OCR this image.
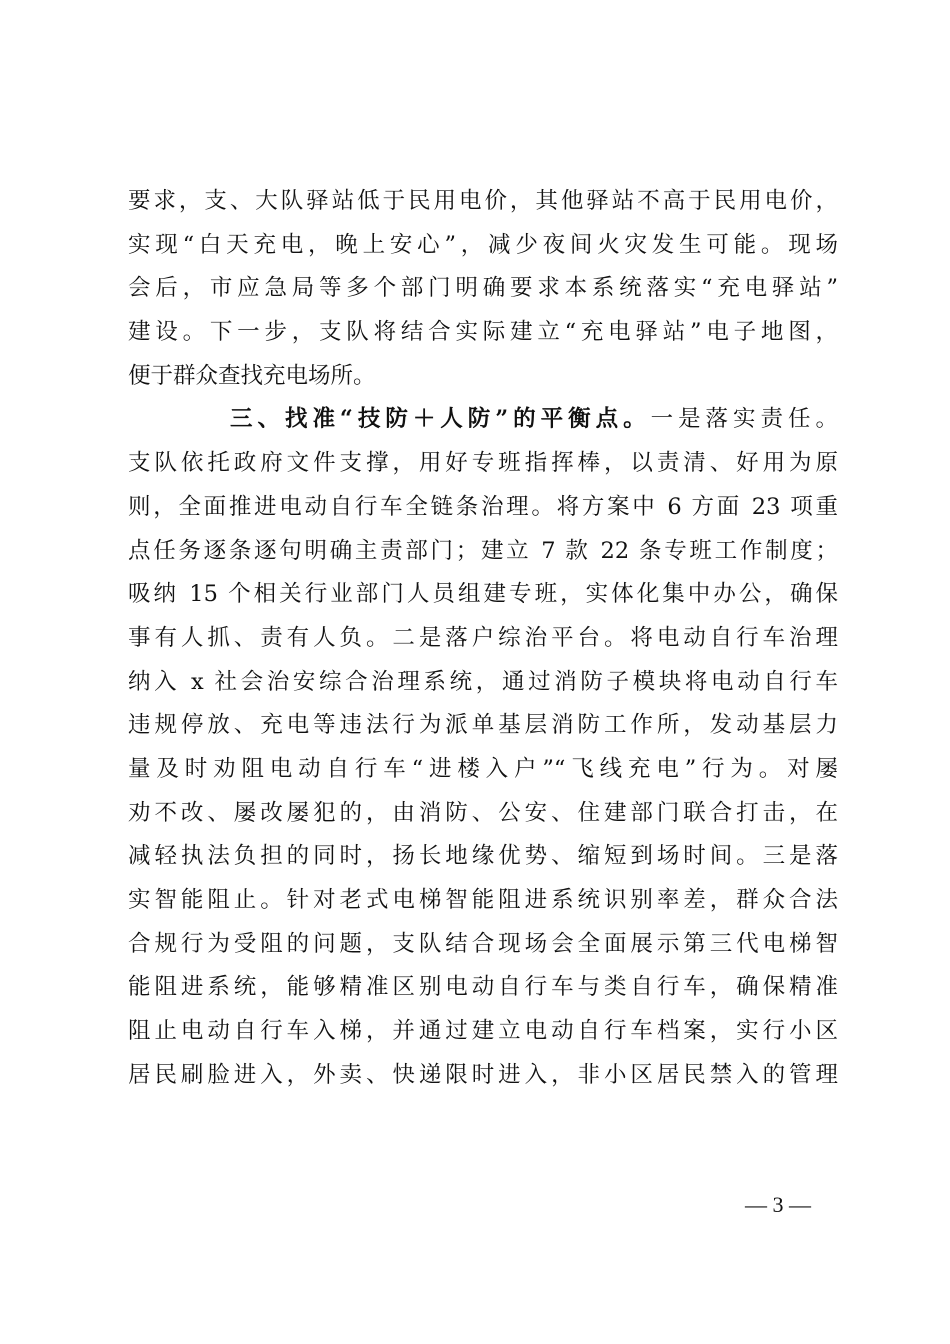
要求，支、大队驿站低于民用电价，其他驿站不高于民用电价，
实现“白天充电，晚上安心”，减少夜间火灾发生可能。现场
会后，市应急局等多个部门明确要求本系统落实“充电驿站”
建设。下一步，支队将结合实际建立“充电驿站”电子地图，
便于群众查找充电场所。
三、找准“技防＋人防”的平衡点。一是落实责任。
支队依托政府文件支撑，用好专班指挥棒，以责清、好用为原
则，全面推进电动自行车全链条治理。将方案中 6 方面 23 项重
点任务逐条逐句明确主责部门；建立 7 款 22 条专班工作制度；
吸纳 15 个相关行业部门人员组建专班，实体化集中办公，确保
事有人抓、责有人负。二是落户综治平台。将电动自行车治理
纳入 x 社会治安综合治理系统，通过消防子模块将电动自行车
违规停放、充电等违法行为派单基层消防工作所，发动基层力
量及时劝阻电动自行车“进楼入户”“飞线充电”行为。对屡
劝不改、屡改屡犯的，由消防、公安、住建部门联合打击，在
减轻执法负担的同时，扬长地缘优势、缩短到场时间。三是落
实智能阻止。针对老式电梯智能阻进系统识别率差，群众合法
合规行为受阻的问题，支队结合现场会全面展示第三代电梯智
能阻进系统，能够精准区别电动自行车与类自行车，确保精准
阻止电动自行车入梯，并通过建立电动自行车档案，实行小区
居民刷脸进入，外卖、快递限时进入，非小区居民禁入的管理
— 3 —
